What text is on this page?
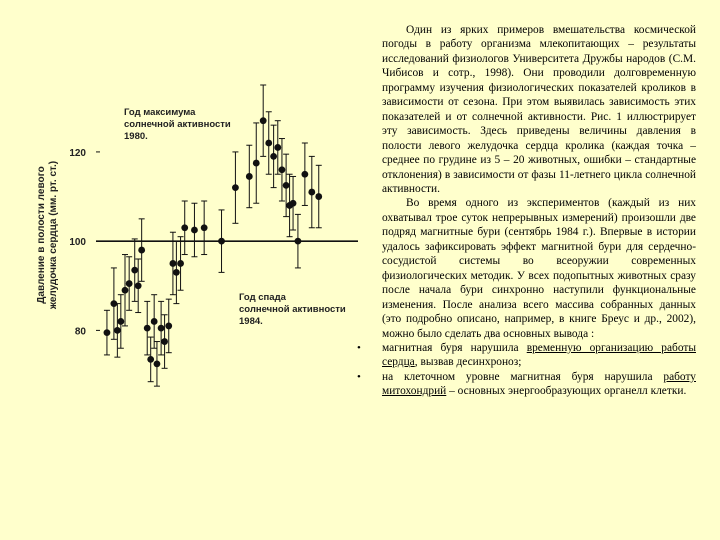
Давление в полости левого желудочка сердца (мм. рт. ст.)
80
100
120
Год максимума
солнечной активности
1980.
Год спада
солнечной активности
1984.

Один из ярких примеров вмешательства космической погоды в работу организма млекопитающих – результаты исследований физиологов Университета Дружбы народов (С.М. Чибисов и сотр., 1998). Они проводили долговременную программу изучения физиологических показателей кроликов в зависимости от сезона. При этом выявилась зависимость этих показателей и от солнечной активности. Рис. 1 иллюстрирует эту зависимость. Здесь приведены величины давления в полости левого желудочка сердца кролика (каждая точка – среднее по грудине из 5 – 20 животных, ошибки – стандартные отклонения) в зависимости от фазы 11-летнего цикла солнечной активности.

Во время одного из экспериментов (каждый из них охватывал трое суток непрерывных измерений) произошли две подряд магнитные бури (сентябрь 1984 г.). Впервые в истории удалось зафиксировать эффект магнитной бури для сердечно-сосудистой системы во всеоружии современных физиологических методик. У всех подопытных животных сразу после начала бури синхронно наступили функциональные изменения. После анализа всего массива собранных данных (это подробно описано, например, в книге Бреус и др., 2002), можно было сделать два основных вывода :

• магнитная буря нарушила временную организацию работы сердца, вызвав десинхроноз;
• на клеточном уровне магнитная буря нарушила работу митохондрий – основных энергообразующих органелл клетки.
